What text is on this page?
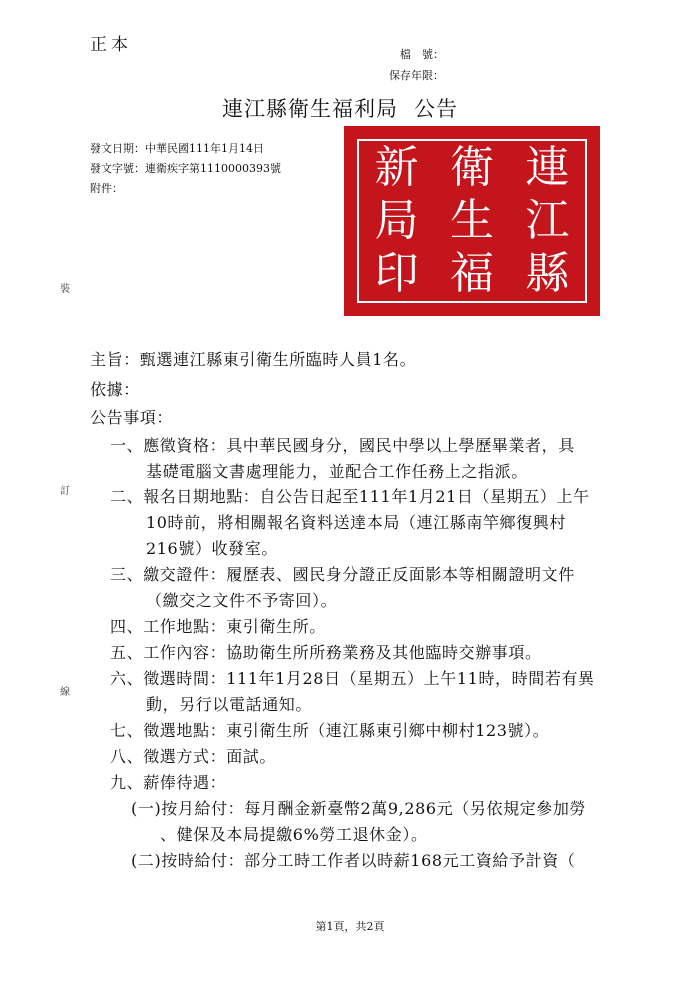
正本	檔　號：
保存年限：
連江縣衛生福利局 公告
發文日期：中華民國111年1月14日
發文字號：連衛疾字第1110000393號
附件：	新 衛 連
局 生 江
印 福 縣
裝
訂
線
主旨：甄選連江縣東引衛生所臨時人員1名。
依據：
公告事項：
一、應徵資格：具中華民國身分，國民中學以上學歷畢業者，具
基礎電腦文書處理能力，並配合工作任務上之指派。
二、報名日期地點：自公告日起至111年1月21日（星期五）上午
10時前，將相關報名資料送達本局（連江縣南竿鄉復興村
216號）收發室。
三、繳交證件：履歷表、國民身分證正反面影本等相關證明文件
（繳交之文件不予寄回）。
四、工作地點：東引衛生所。
五、工作內容：協助衛生所所務業務及其他臨時交辦事項。
六、徵選時間：111年1月28日（星期五）上午11時，時間若有異
動，另行以電話通知。
七、徵選地點：東引衛生所（連江縣東引鄉中柳村123號）。
八、徵選方式：面試。
九、薪俸待遇：
(一)按月給付：每月酬金新臺幣2萬9,286元（另依規定參加勞
、健保及本局提繳6%勞工退休金）。
(二)按時給付：部分工時工作者以時薪168元工資給予計資（
第1頁，共2頁
